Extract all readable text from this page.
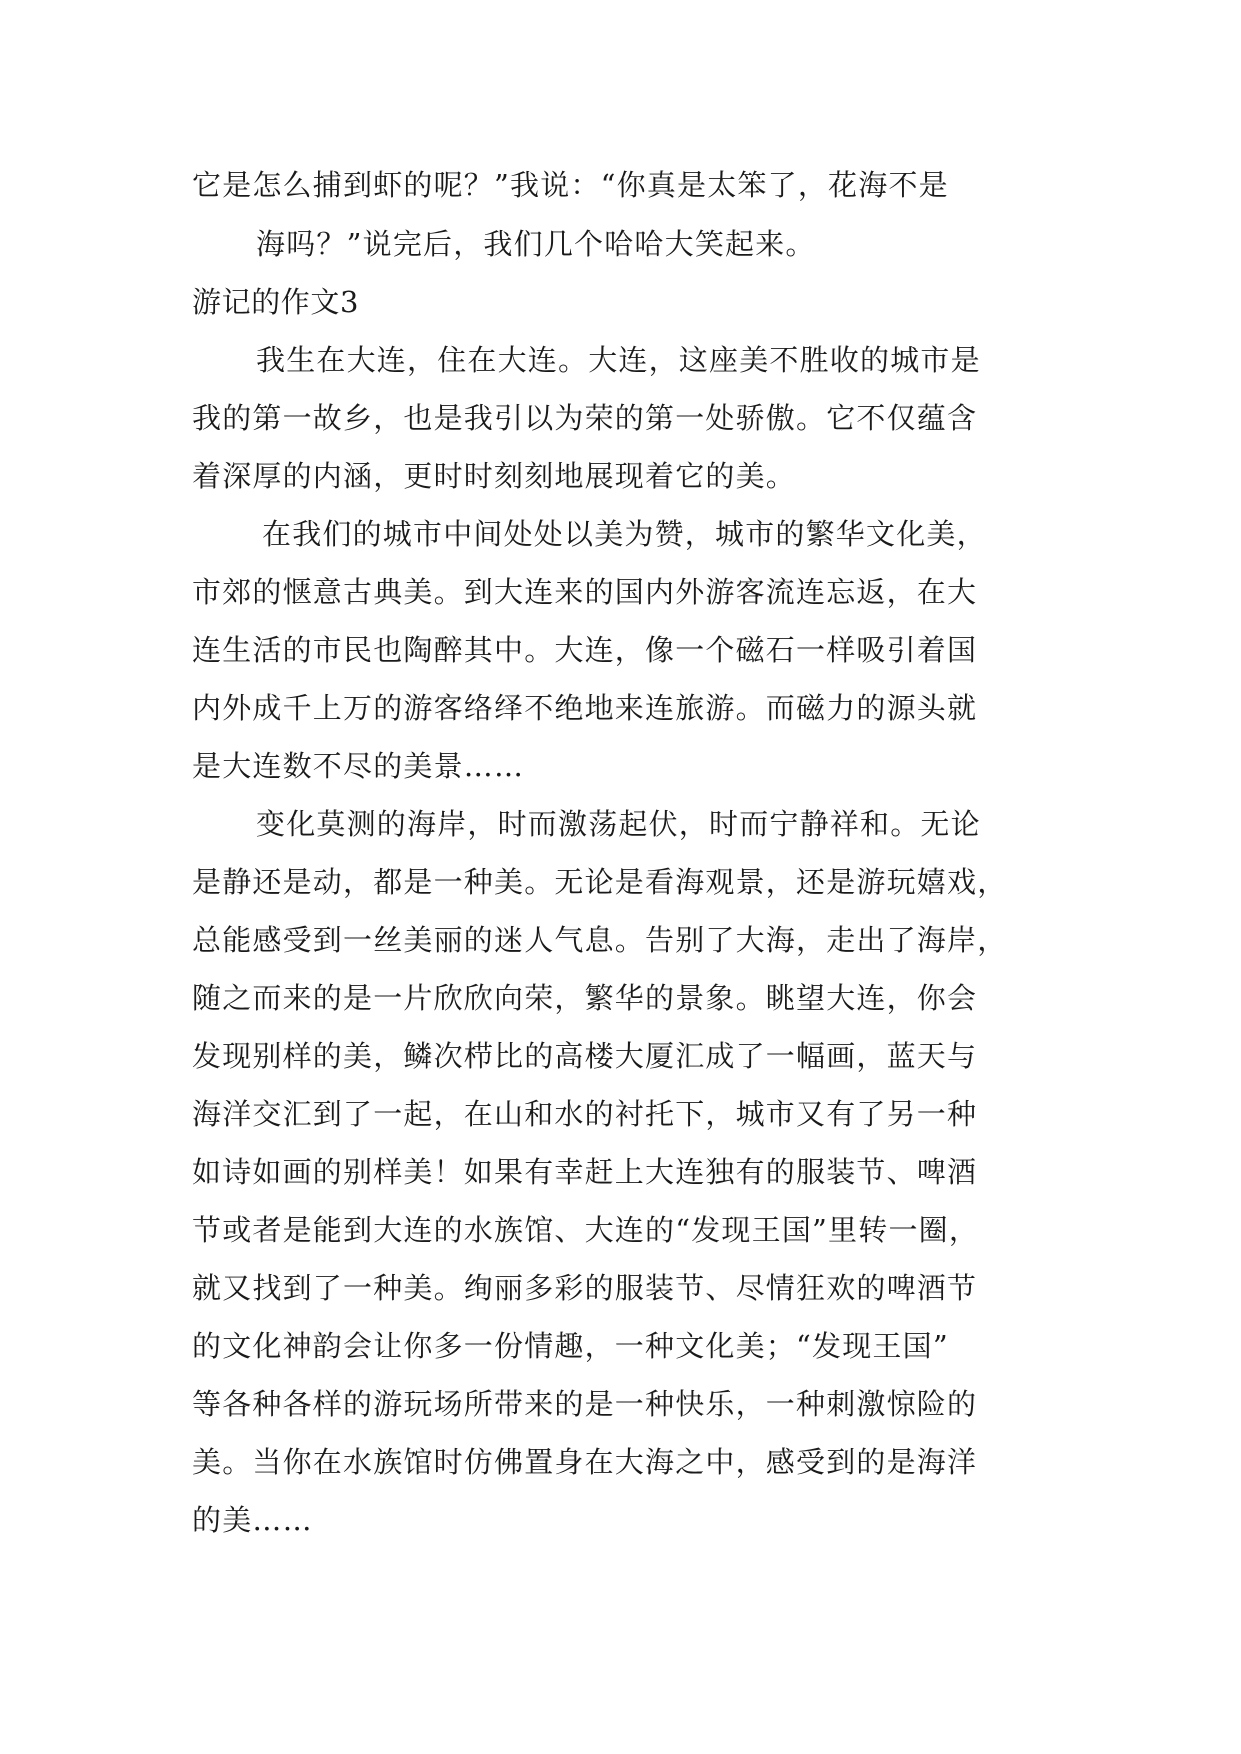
它是怎么捕到虾的呢？”我说：“你真是太笨了，花海不是
海吗？”说完后，我们几个哈哈大笑起来。
游记的作文3
我生在大连，住在大连。大连，这座美不胜收的城市是
我的第一故乡，也是我引以为荣的第一处骄傲。它不仅蕴含
着深厚的内涵，更时时刻刻地展现着它的美。
在我们的城市中间处处以美为赞，城市的繁华文化美，
市郊的惬意古典美。到大连来的国内外游客流连忘返，在大
连生活的市民也陶醉其中。大连，像一个磁石一样吸引着国
内外成千上万的游客络绎不绝地来连旅游。而磁力的源头就
是大连数不尽的美景……
变化莫测的海岸，时而激荡起伏，时而宁静祥和。无论
是静还是动，都是一种美。无论是看海观景，还是游玩嬉戏，
总能感受到一丝美丽的迷人气息。告别了大海，走出了海岸，
随之而来的是一片欣欣向荣，繁华的景象。眺望大连，你会
发现别样的美，鳞次栉比的高楼大厦汇成了一幅画，蓝天与
海洋交汇到了一起，在山和水的衬托下，城市又有了另一种
如诗如画的别样美！如果有幸赶上大连独有的服装节、啤酒
节或者是能到大连的水族馆、大连的“发现王国”里转一圈，
就又找到了一种美。绚丽多彩的服装节、尽情狂欢的啤酒节
的文化神韵会让你多一份情趣，一种文化美；“发现王国”
等各种各样的游玩场所带来的是一种快乐，一种刺激惊险的
美。当你在水族馆时仿佛置身在大海之中，感受到的是海洋
的美……
